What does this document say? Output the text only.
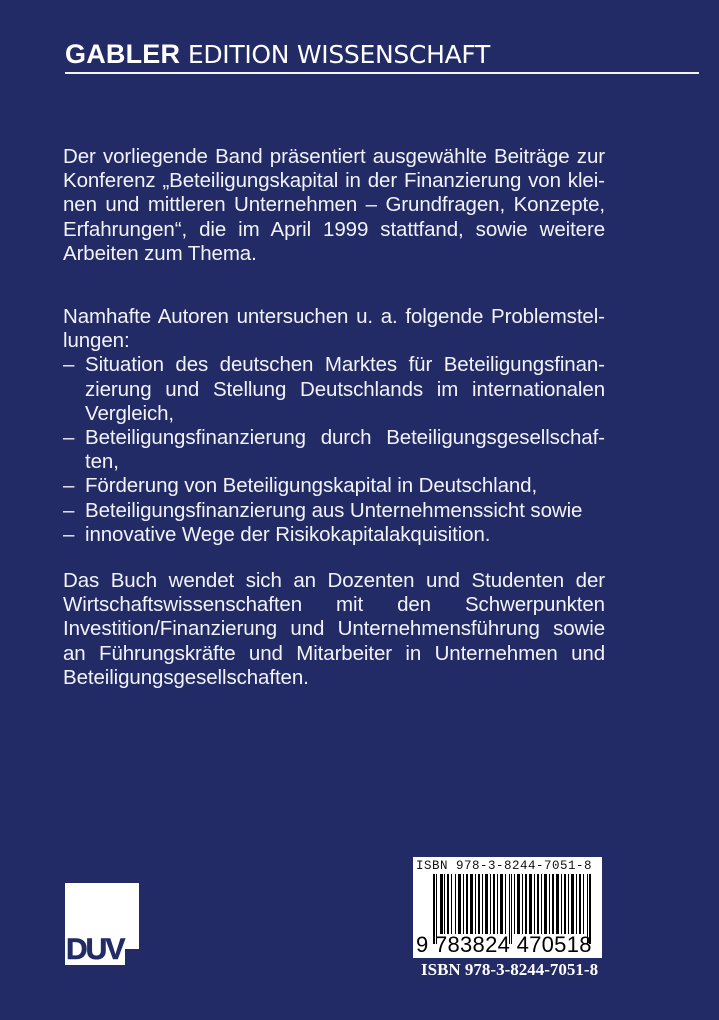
GABLER EDITION WISSENSCHAFT

Der vorliegende Band präsentiert ausgewählte Beiträge zur Konferenz „Beteiligungskapital in der Finanzierung von kleinen und mittleren Unternehmen – Grundfragen, Konzepte, Erfahrungen“, die im April 1999 stattfand, sowie weitere Arbeiten zum Thema.

Namhafte Autoren untersuchen u. a. folgende Problemstellungen:

– Situation des deutschen Marktes für Beteiligungsfinanzierung und Stellung Deutschlands im internationalen Vergleich,
– Beteiligungsfinanzierung durch Beteiligungsgesellschaften,
– Förderung von Beteiligungskapital in Deutschland,
– Beteiligungsfinanzierung aus Unternehmenssicht sowie
– innovative Wege der Risikokapitalakquisition.

Das Buch wendet sich an Dozenten und Studenten der Wirtschaftswissenschaften mit den Schwerpunkten Investition/Finanzierung und Unternehmensführung sowie an Führungskräfte und Mitarbeiter in Unternehmen und Beteiligungsgesellschaften.

DUV
ISBN 978-3-8244-7051-8
9 783824 470518
ISBN 978-3-8244-7051-8
